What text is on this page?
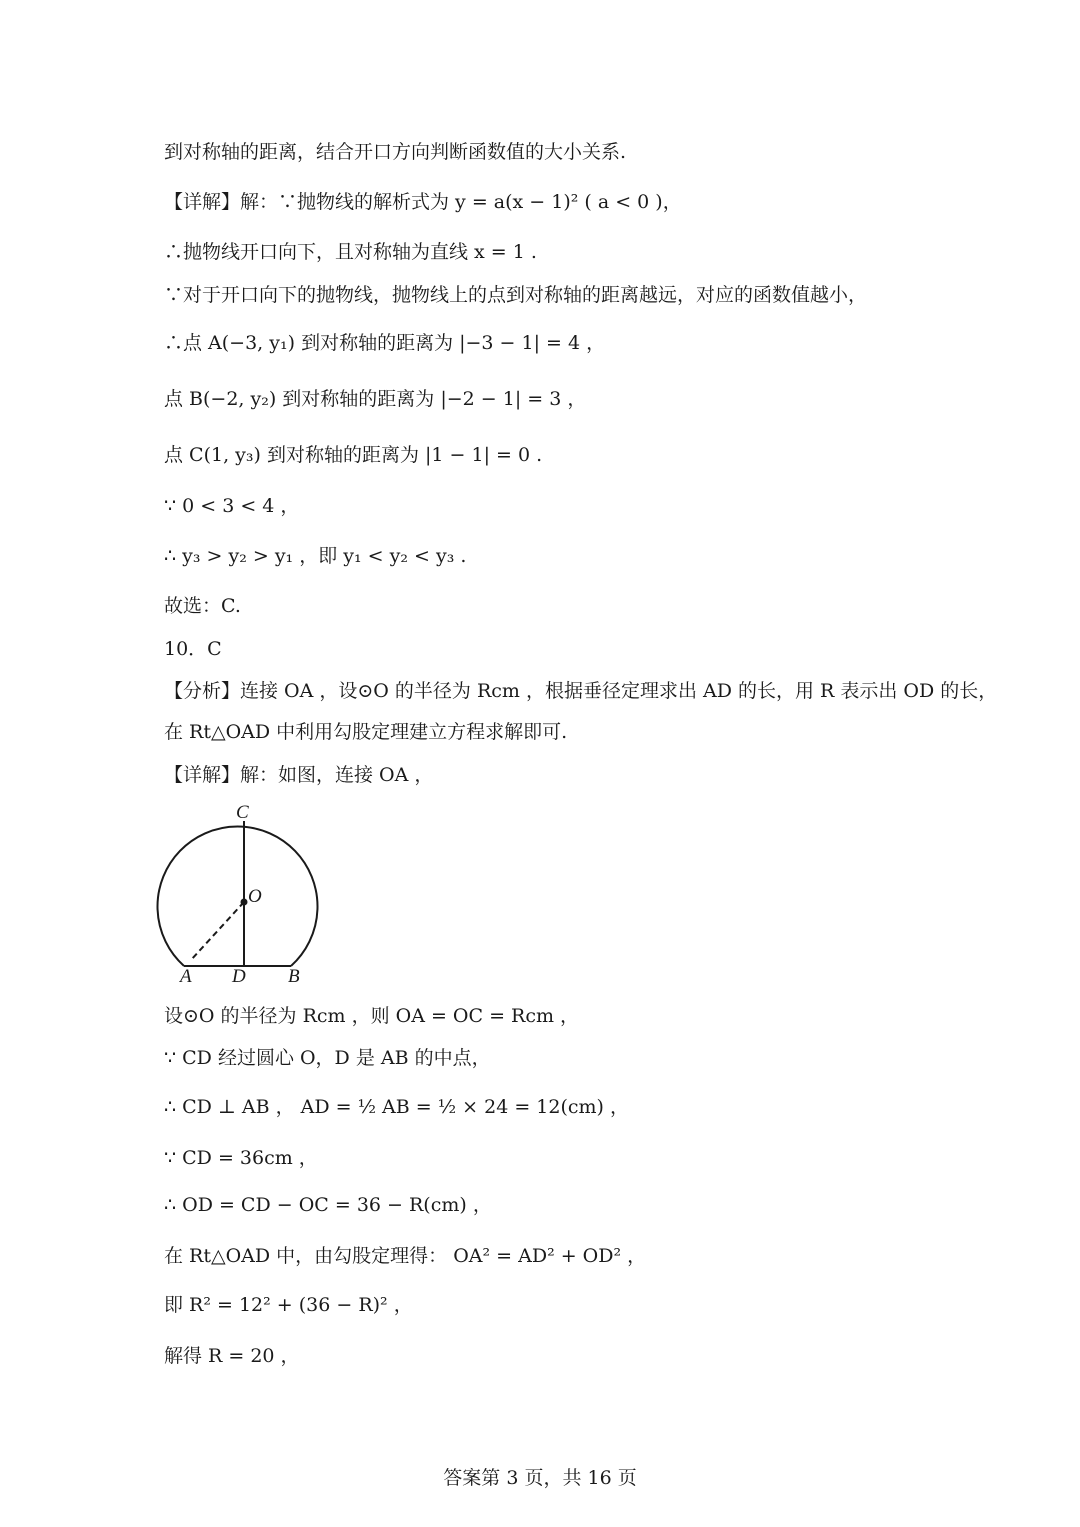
到对称轴的距离，结合开口方向判断函数值的大小关系.
【详解】解：∵抛物线的解析式为 y = a(x − 1)² ( a < 0 )，
∴抛物线开口向下，且对称轴为直线 x = 1 .
∵对于开口向下的抛物线，抛物线上的点到对称轴的距离越远，对应的函数值越小，
∴点 A(−3, y₁) 到对称轴的距离为 |−3 − 1| = 4 ，
点 B(−2, y₂) 到对称轴的距离为 |−2 − 1| = 3 ，
点 C(1, y₃) 到对称轴的距离为 |1 − 1| = 0 .
∵ 0 < 3 < 4 ，
∴ y₃ > y₂ > y₁ ，即 y₁ < y₂ < y₃ .
故选：C.
10．C
【分析】连接 OA ，设⊙O 的半径为 Rcm ，根据垂径定理求出 AD 的长，用 R 表示出 OD 的长，
在 Rt△OAD 中利用勾股定理建立方程求解即可.
【详解】解：如图，连接 OA ，
C
O
A D B
设⊙O 的半径为 Rcm ，则 OA = OC = Rcm ，
∵ CD 经过圆心 O，D 是 AB 的中点，
∴ CD ⊥ AB ， AD = ½ AB = ½ × 24 = 12(cm) ，
∵ CD = 36cm ，
∴ OD = CD − OC = 36 − R(cm) ，
在 Rt△OAD 中，由勾股定理得： OA² = AD² + OD² ，
即 R² = 12² + (36 − R)² ，
解得 R = 20 ，
答案第 3 页，共 16 页
